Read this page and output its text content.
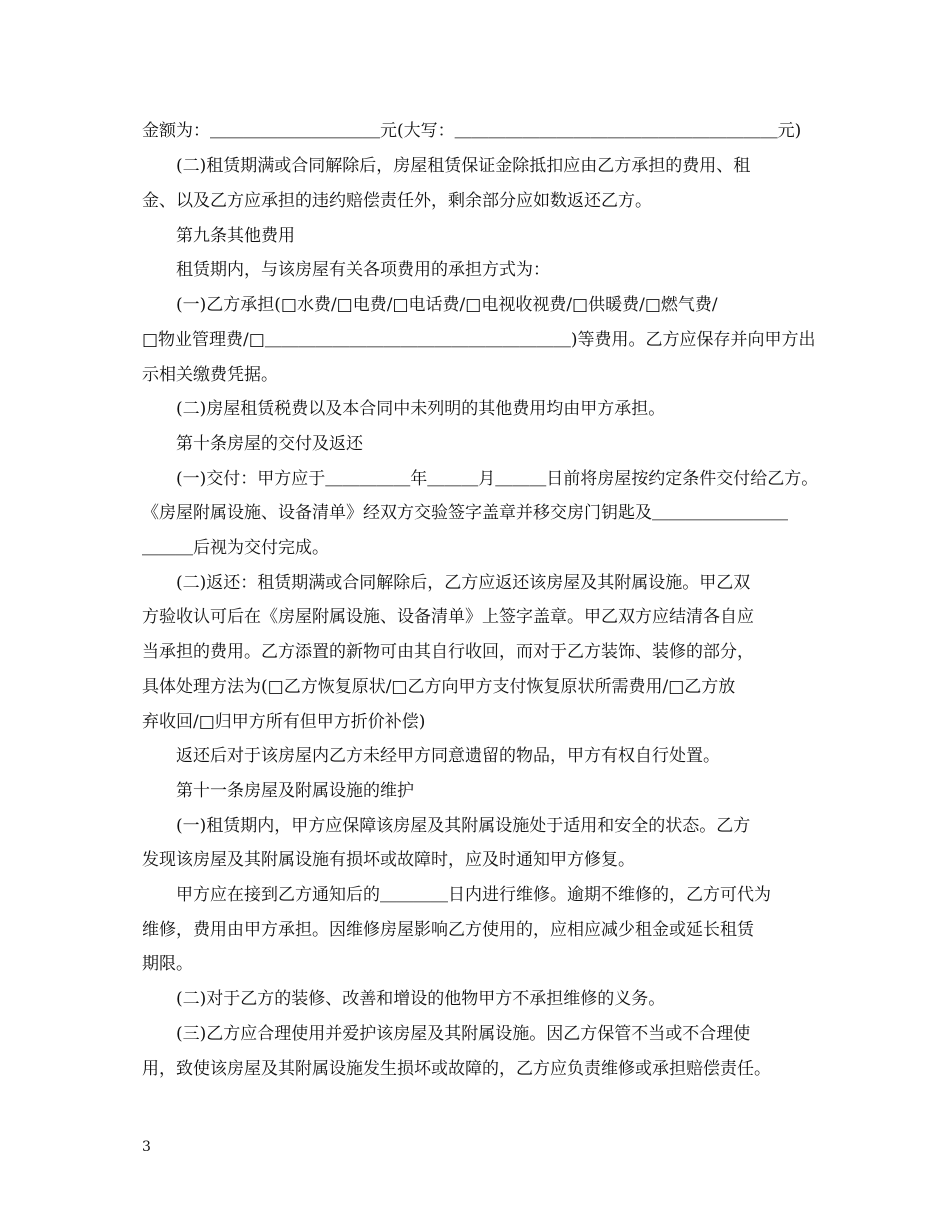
金额为：＿＿＿＿＿＿＿＿＿＿元(大写：＿＿＿＿＿＿＿＿＿＿＿＿＿＿＿＿＿＿＿元)
(二)租赁期满或合同解除后，房屋租赁保证金除抵扣应由乙方承担的费用、租
金、以及乙方应承担的违约赔偿责任外，剩余部分应如数返还乙方。
第九条其他费用
租赁期内，与该房屋有关各项费用的承担方式为：
(一)乙方承担(□水费/□电费/□电话费/□电视收视费/□供暖费/□燃气费/
□物业管理费/□＿＿＿＿＿＿＿＿＿＿＿＿＿＿＿＿＿＿)等费用。乙方应保存并向甲方出
示相关缴费凭据。
(二)房屋租赁税费以及本合同中未列明的其他费用均由甲方承担。
第十条房屋的交付及返还
(一)交付：甲方应于＿＿＿＿＿年＿＿＿月＿＿＿日前将房屋按约定条件交付给乙方。
《房屋附属设施、设备清单》经双方交验签字盖章并移交房门钥匙及＿＿＿＿＿＿＿＿
＿＿＿后视为交付完成。
(二)返还：租赁期满或合同解除后，乙方应返还该房屋及其附属设施。甲乙双
方验收认可后在《房屋附属设施、设备清单》上签字盖章。甲乙双方应结清各自应
当承担的费用。乙方添置的新物可由其自行收回，而对于乙方装饰、装修的部分，
具体处理方法为(□乙方恢复原状/□乙方向甲方支付恢复原状所需费用/□乙方放
弃收回/□归甲方所有但甲方折价补偿)
返还后对于该房屋内乙方未经甲方同意遗留的物品，甲方有权自行处置。
第十一条房屋及附属设施的维护
(一)租赁期内，甲方应保障该房屋及其附属设施处于适用和安全的状态。乙方
发现该房屋及其附属设施有损坏或故障时，应及时通知甲方修复。
甲方应在接到乙方通知后的＿＿＿＿日内进行维修。逾期不维修的，乙方可代为
维修，费用由甲方承担。因维修房屋影响乙方使用的，应相应减少租金或延长租赁
期限。
(二)对于乙方的装修、改善和增设的他物甲方不承担维修的义务。
(三)乙方应合理使用并爱护该房屋及其附属设施。因乙方保管不当或不合理使
用，致使该房屋及其附属设施发生损坏或故障的，乙方应负责维修或承担赔偿责任。
3
